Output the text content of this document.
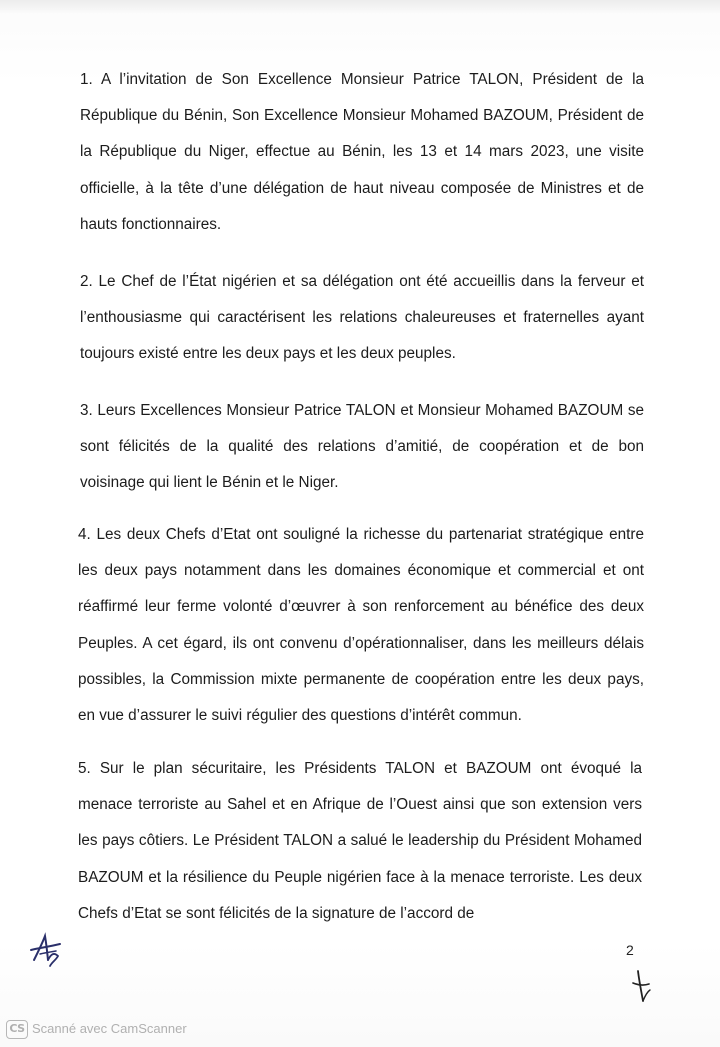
1. A l’invitation de Son Excellence Monsieur Patrice TALON, Président de la République du Bénin, Son Excellence Monsieur Mohamed BAZOUM, Président de la République du Niger, effectue au Bénin, les 13 et 14 mars 2023, une visite officielle, à la tête d’une délégation de haut niveau composée de Ministres et de hauts fonctionnaires.

2. Le Chef de l’État nigérien et sa délégation ont été accueillis dans la ferveur et l’enthousiasme qui caractérisent les relations chaleureuses et fraternelles ayant toujours existé entre les deux pays et les deux peuples.

3. Leurs Excellences Monsieur Patrice TALON et Monsieur Mohamed BAZOUM se sont félicités de la qualité des relations d’amitié, de coopération et de bon voisinage qui lient le Bénin et le Niger.

4. Les deux Chefs d’Etat ont souligné la richesse du partenariat stratégique entre les deux pays notamment dans les domaines économique et commercial et ont réaffirmé leur ferme volonté d’œuvrer à son renforcement au bénéfice des deux Peuples. A cet égard, ils ont convenu d’opérationnaliser, dans les meilleurs délais possibles, la Commission mixte permanente de coopération entre les deux pays, en vue d’assurer le suivi régulier des questions d’intérêt commun.

5. Sur le plan sécuritaire, les Présidents TALON et BAZOUM ont évoqué la menace terroriste au Sahel et en Afrique de l’Ouest ainsi que son extension vers les pays côtiers. Le Président TALON a salué le leadership du Président Mohamed BAZOUM et la résilience du Peuple nigérien face à la menace terroriste. Les deux Chefs d’Etat se sont félicités de la signature de l’accord de

2
CS Scanné avec CamScanner
